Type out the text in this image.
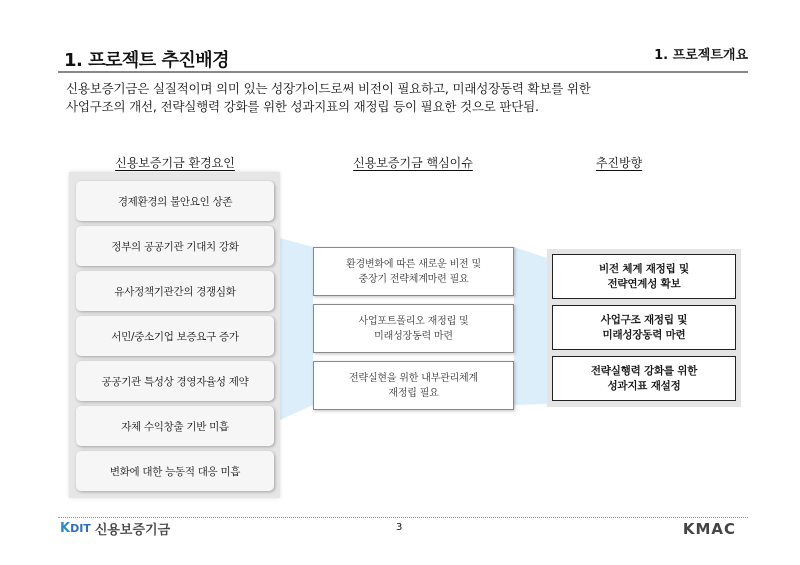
1. 프로젝트 추진배경	1. 프로젝트개요

신용보증기금은 실질적이며 의미 있는 성장가이드로써 비전이 필요하고, 미래성장동력 확보를 위한
사업구조의 개선, 전략실행력 강화를 위한 성과지표의 재정립 등이 필요한 것으로 판단됨.

신용보증기금 환경요인	신용보증기금 핵심이슈	추진방향
경제환경의 불안요인 상존
정부의 공공기관 기대치 강화
유사정책기관간의 경쟁심화
서민/중소기업 보증요구 증가
공공기관 특성상 경영자율성 제약
자체 수익창출 기반 미흡
변화에 대한 능동적 대응 미흡
환경변화에 따른 새로운 비전 및
중장기 전략체계마련 필요
사업포트폴리오 재정립 및
미래성장동력 마련
전략실현을 위한 내부관리체계
재정립 필요
비전 체계 재정립 및
전략연계성 확보
사업구조 재정립 및
미래성장동력 마련
전략실행력 강화를 위한
성과지표 재설정
K DIT 신용보증기금	3	KMAC
